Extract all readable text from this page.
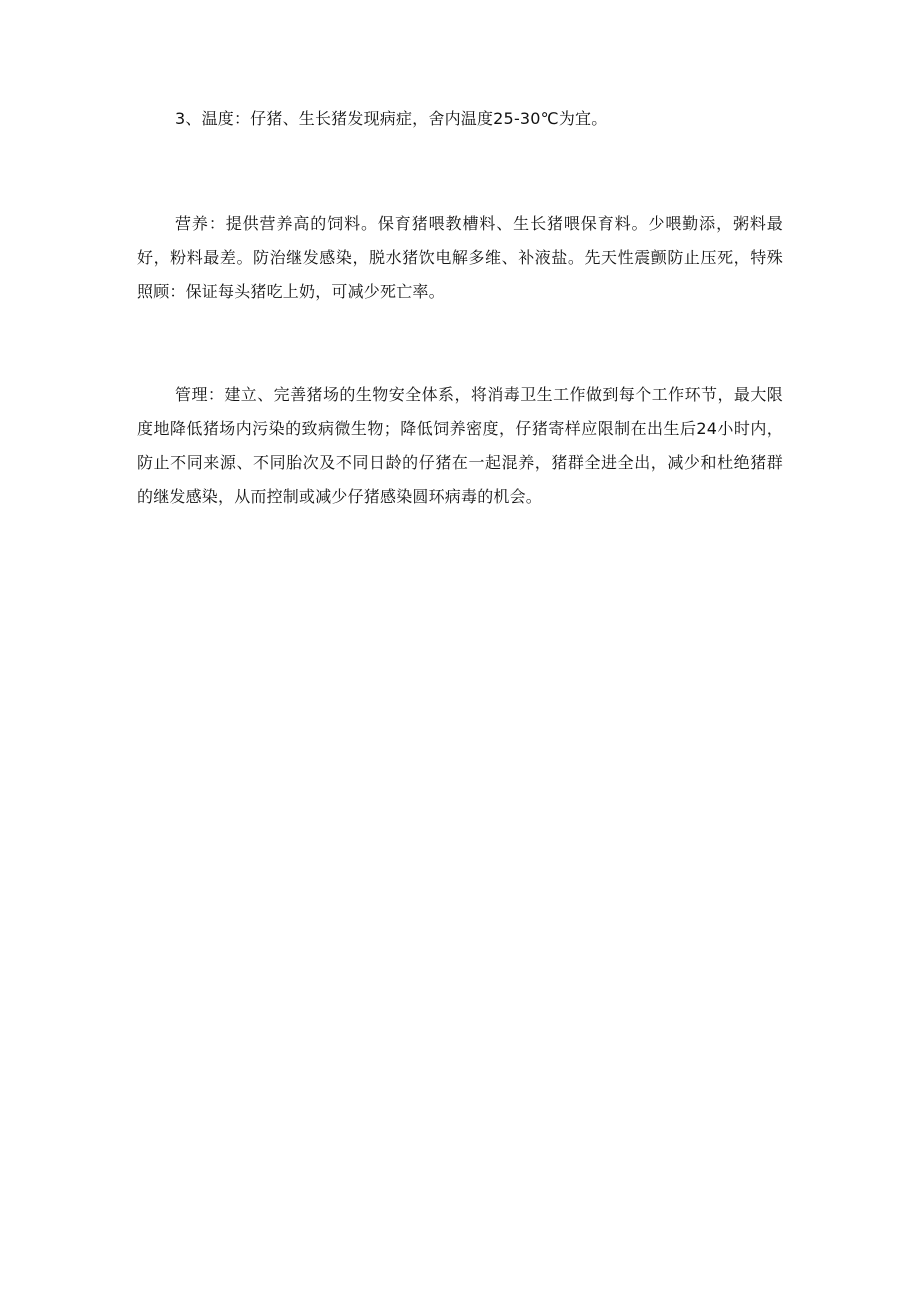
3、温度：仔猪、生长猪发现病症，舍内温度25-30℃为宜。

营养：提供营养高的饲料。保育猪喂教槽料、生长猪喂保育料。少喂勤添，粥料最好，粉料最差。防治继发感染，脱水猪饮电解多维、补液盐。先天性震颤防止压死，特殊照顾：保证每头猪吃上奶，可减少死亡率。

管理：建立、完善猪场的生物安全体系，将消毒卫生工作做到每个工作环节，最大限度地降低猪场内污染的致病微生物；降低饲养密度，仔猪寄样应限制在出生后24小时内，防止不同来源、不同胎次及不同日龄的仔猪在一起混养，猪群全进全出，减少和杜绝猪群的继发感染，从而控制或减少仔猪感染圆环病毒的机会。
